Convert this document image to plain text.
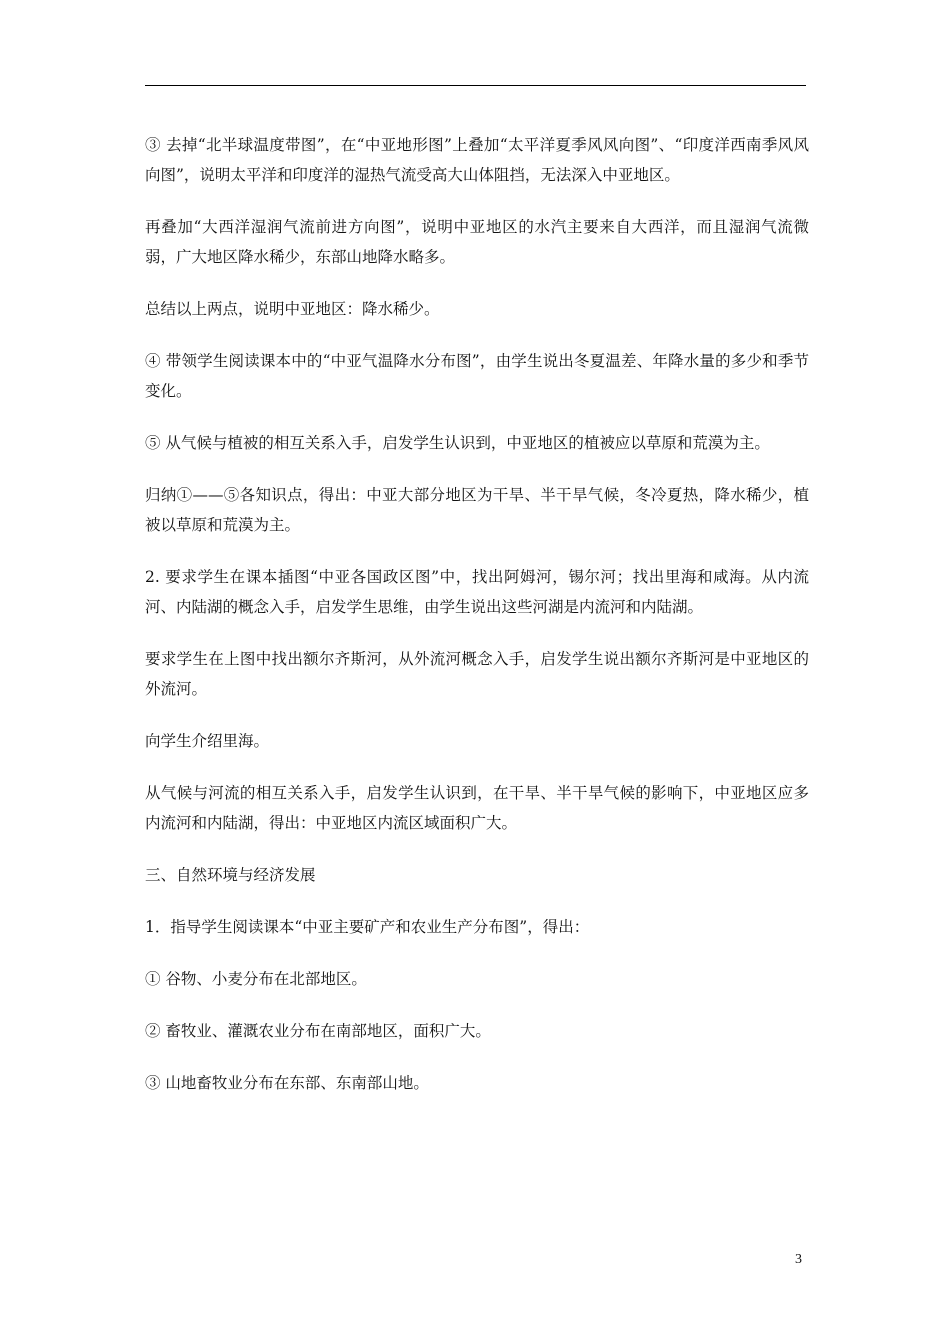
③ 去掉“北半球温度带图”，在“中亚地形图”上叠加“太平洋夏季风风向图”、“印度洋西南季风风向图”，说明太平洋和印度洋的湿热气流受高大山体阻挡，无法深入中亚地区。

再叠加“大西洋湿润气流前进方向图”，说明中亚地区的水汽主要来自大西洋，而且湿润气流微弱，广大地区降水稀少，东部山地降水略多。

总结以上两点，说明中亚地区：降水稀少。

④ 带领学生阅读课本中的“中亚气温降水分布图”，由学生说出冬夏温差、年降水量的多少和季节变化。

⑤ 从气候与植被的相互关系入手，启发学生认识到，中亚地区的植被应以草原和荒漠为主。

归纳①——⑤各知识点，得出：中亚大部分地区为干旱、半干旱气候，冬冷夏热，降水稀少，植被以草原和荒漠为主。

2. 要求学生在课本插图“中亚各国政区图”中，找出阿姆河，锡尔河；找出里海和咸海。从内流河、内陆湖的概念入手，启发学生思维，由学生说出这些河湖是内流河和内陆湖。

要求学生在上图中找出额尔齐斯河，从外流河概念入手，启发学生说出额尔齐斯河是中亚地区的外流河。

向学生介绍里海。

从气候与河流的相互关系入手，启发学生认识到，在干旱、半干旱气候的影响下，中亚地区应多内流河和内陆湖，得出：中亚地区内流区域面积广大。

三、自然环境与经济发展

1．指导学生阅读课本“中亚主要矿产和农业生产分布图”，得出：

① 谷物、小麦分布在北部地区。

② 畜牧业、灌溉农业分布在南部地区，面积广大。

③ 山地畜牧业分布在东部、东南部山地。

3
